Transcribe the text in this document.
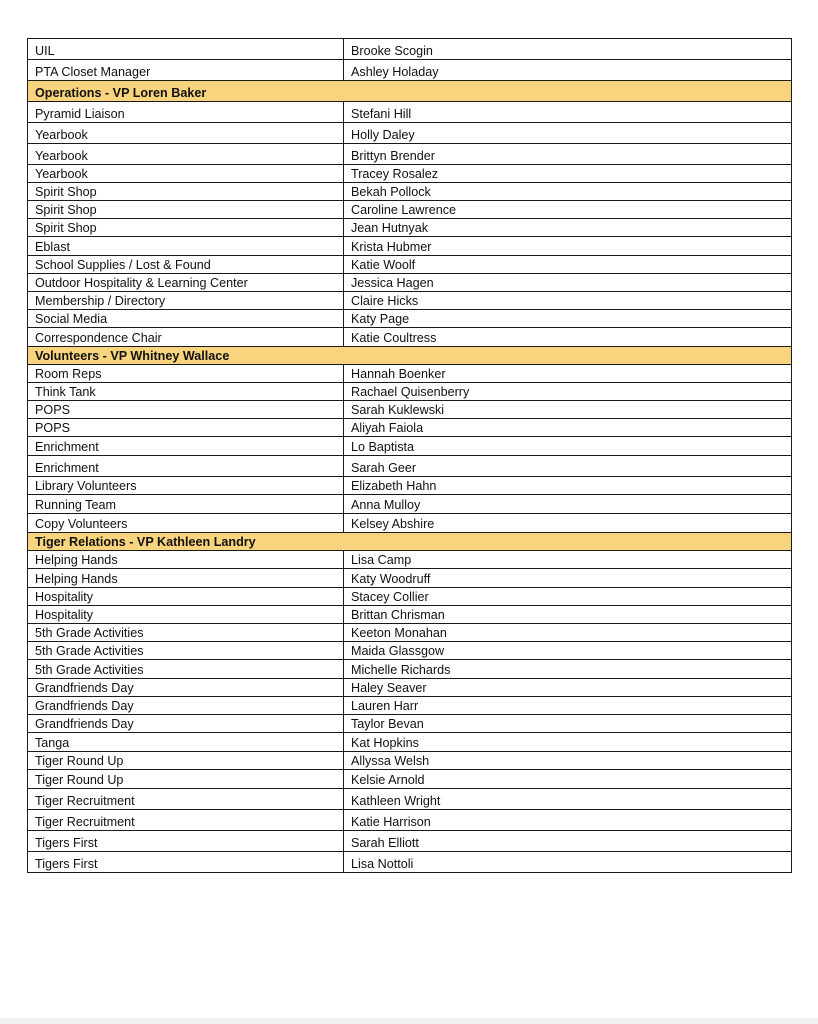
UIL	Brooke Scogin
PTA Closet Manager	Ashley Holaday
Operations - VP Loren Baker
Pyramid Liaison	Stefani Hill
Yearbook	Holly Daley
Yearbook	Brittyn Brender
Yearbook	Tracey Rosalez
Spirit Shop	Bekah Pollock
Spirit Shop	Caroline Lawrence
Spirit Shop	Jean Hutnyak
Eblast	Krista Hubmer
School Supplies / Lost & Found	Katie Woolf
Outdoor Hospitality & Learning Center	Jessica Hagen
Membership / Directory	Claire Hicks
Social Media	Katy Page
Correspondence Chair	Katie Coultress
Volunteers - VP Whitney Wallace
Room Reps	Hannah Boenker
Think Tank	Rachael Quisenberry
POPS	Sarah Kuklewski
POPS	Aliyah Faiola
Enrichment	Lo Baptista
Enrichment	Sarah Geer
Library Volunteers	Elizabeth Hahn
Running Team	Anna Mulloy
Copy Volunteers	Kelsey Abshire
Tiger Relations - VP Kathleen Landry
Helping Hands	Lisa Camp
Helping Hands	Katy Woodruff
Hospitality	Stacey Collier
Hospitality	Brittan Chrisman
5th Grade Activities	Keeton Monahan
5th Grade Activities	Maida Glassgow
5th Grade Activities	Michelle Richards
Grandfriends Day	Haley Seaver
Grandfriends Day	Lauren Harr
Grandfriends Day	Taylor Bevan
Tanga	Kat Hopkins
Tiger Round Up	Allyssa Welsh
Tiger Round Up	Kelsie Arnold
Tiger Recruitment	Kathleen Wright
Tiger Recruitment	Katie Harrison
Tigers First	Sarah Elliott
Tigers First	Lisa Nottoli
